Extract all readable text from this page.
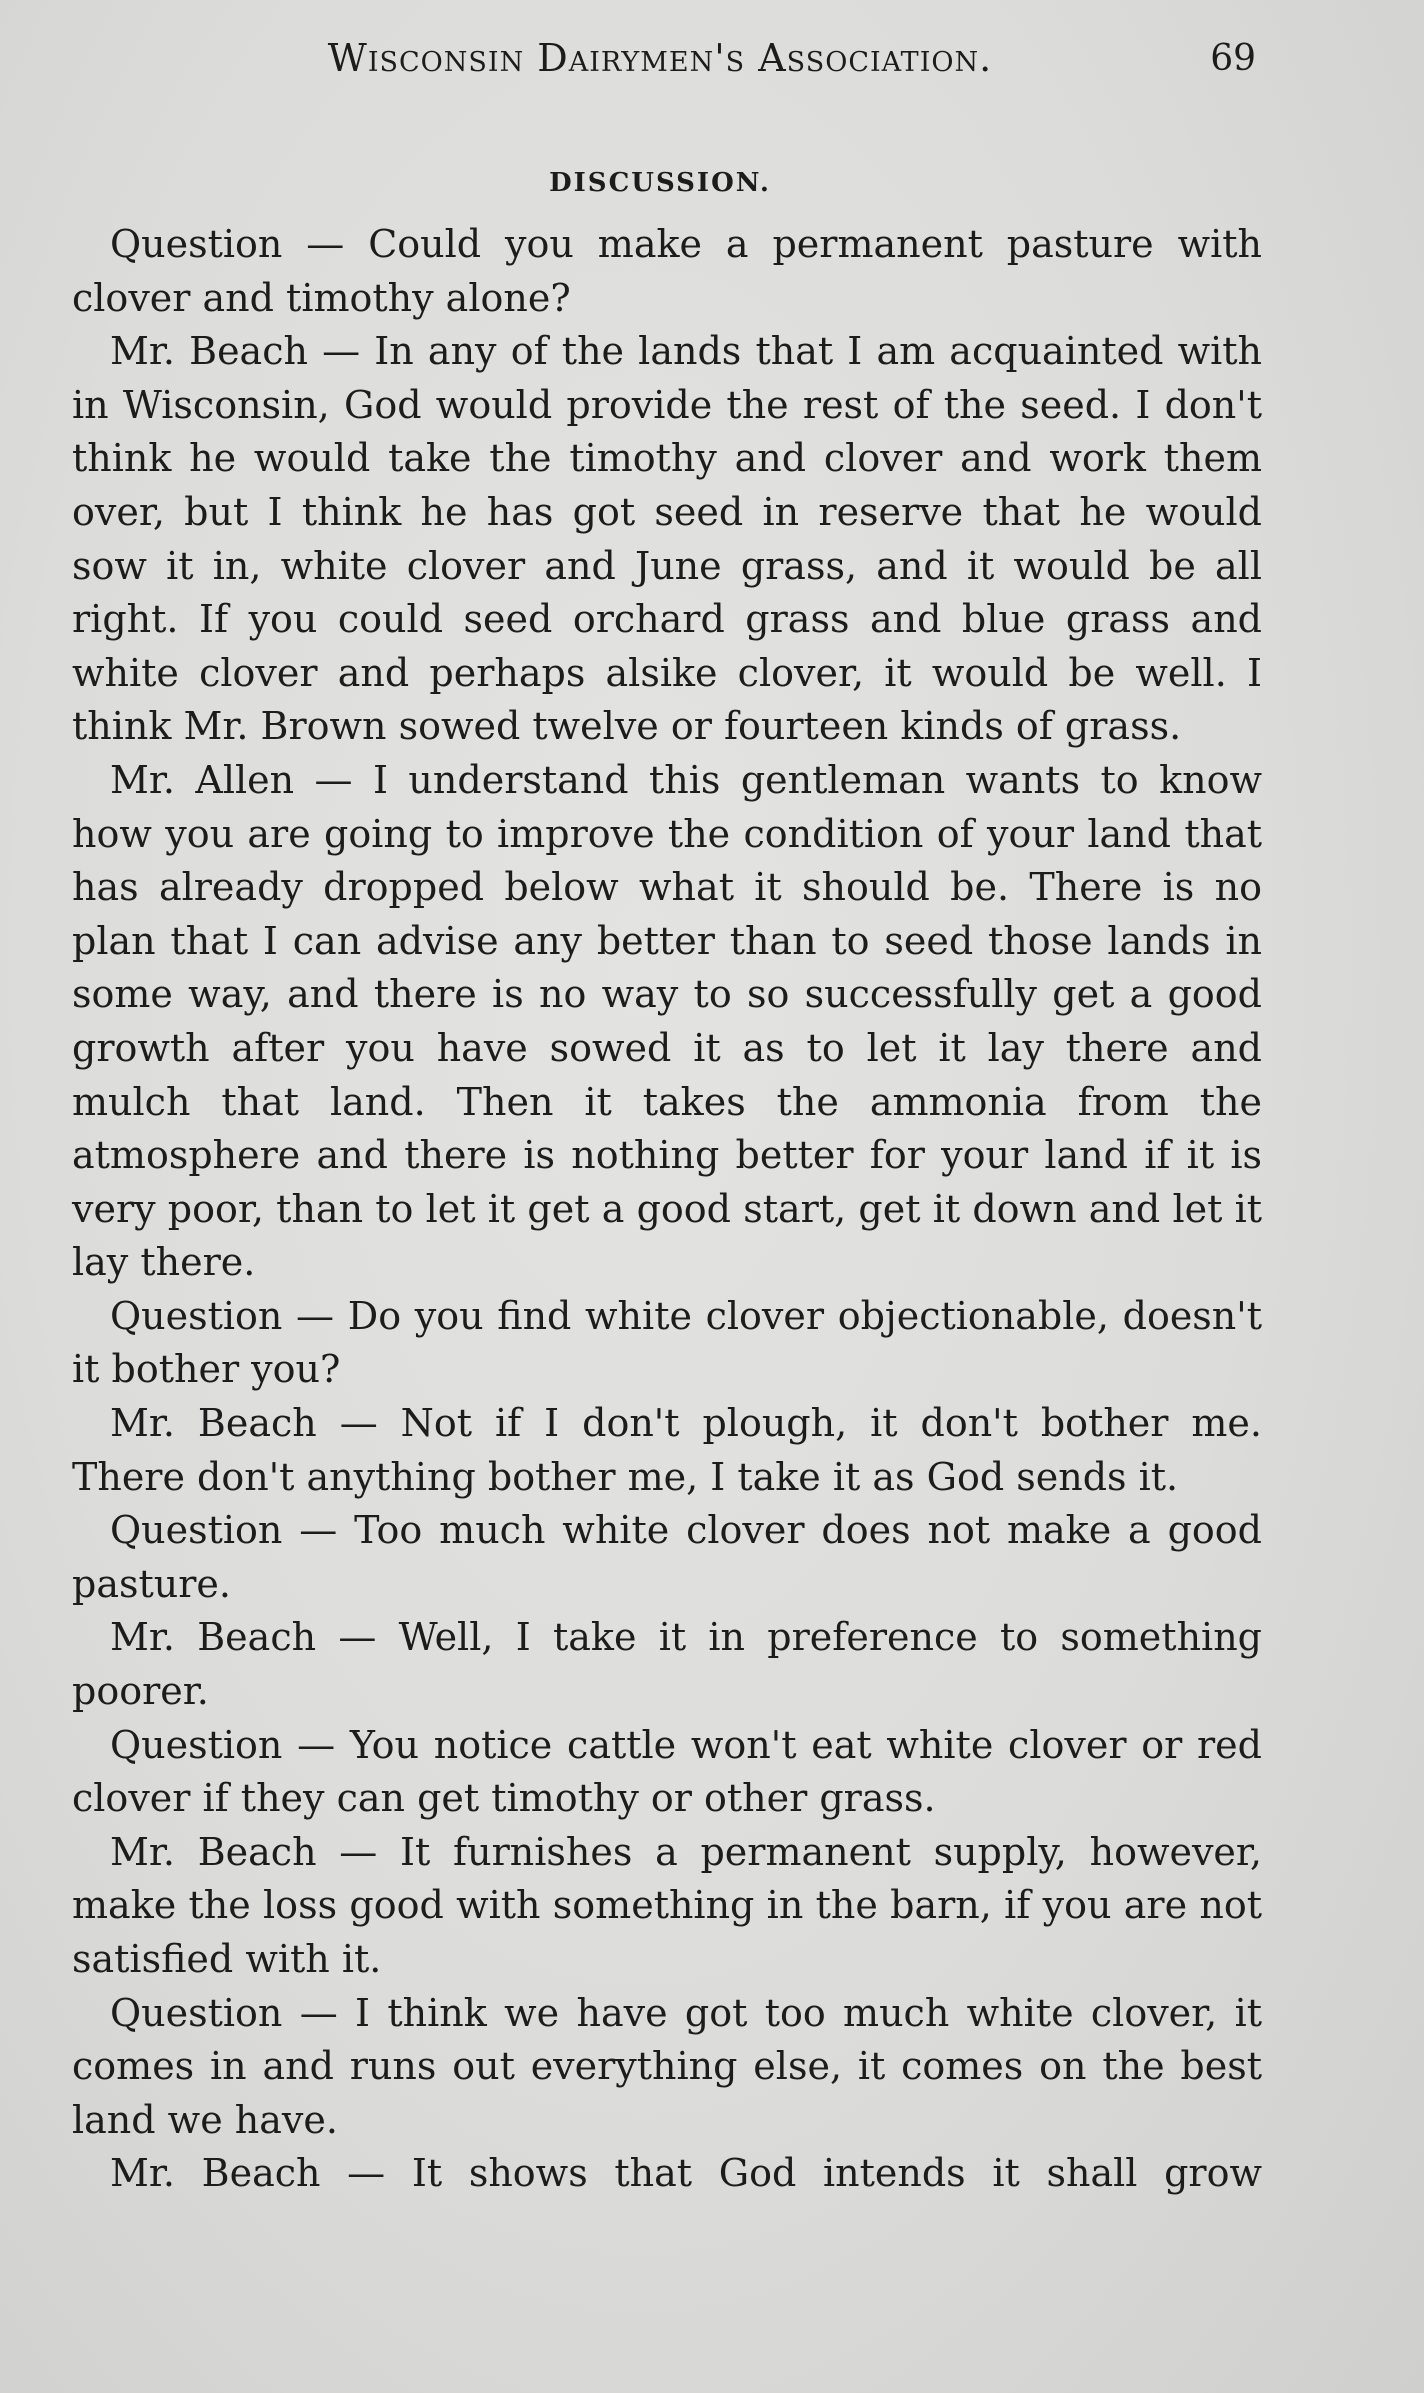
Wisconsin Dairymen's Association.	69
DISCUSSION.

Question — Could you make a permanent pasture with clover and timothy alone?

Mr. Beach — In any of the lands that I am acquainted with in Wisconsin, God would provide the rest of the seed. I don't think he would take the timothy and clover and work them over, but I think he has got seed in reserve that he would sow it in, white clover and June grass, and it would be all right. If you could seed orchard grass and blue grass and white clover and perhaps alsike clover, it would be well. I think Mr. Brown sowed twelve or fourteen kinds of grass.

Mr. Allen — I understand this gentleman wants to know how you are going to improve the condition of your land that has already dropped below what it should be. There is no plan that I can advise any better than to seed those lands in some way, and there is no way to so successfully get a good growth after you have sowed it as to let it lay there and mulch that land. Then it takes the ammonia from the atmosphere and there is nothing better for your land if it is very poor, than to let it get a good start, get it down and let it lay there.

Question — Do you find white clover objectionable, doesn't it bother you?

Mr. Beach — Not if I don't plough, it don't bother me. There don't anything bother me, I take it as God sends it.

Question — Too much white clover does not make a good pasture.

Mr. Beach — Well, I take it in preference to something poorer.

Question — You notice cattle won't eat white clover or red clover if they can get timothy or other grass.

Mr. Beach — It furnishes a permanent supply, however, make the loss good with something in the barn, if you are not satisfied with it.

Question — I think we have got too much white clover, it comes in and runs out everything else, it comes on the best land we have.

Mr. Beach — It shows that God intends it shall grow
